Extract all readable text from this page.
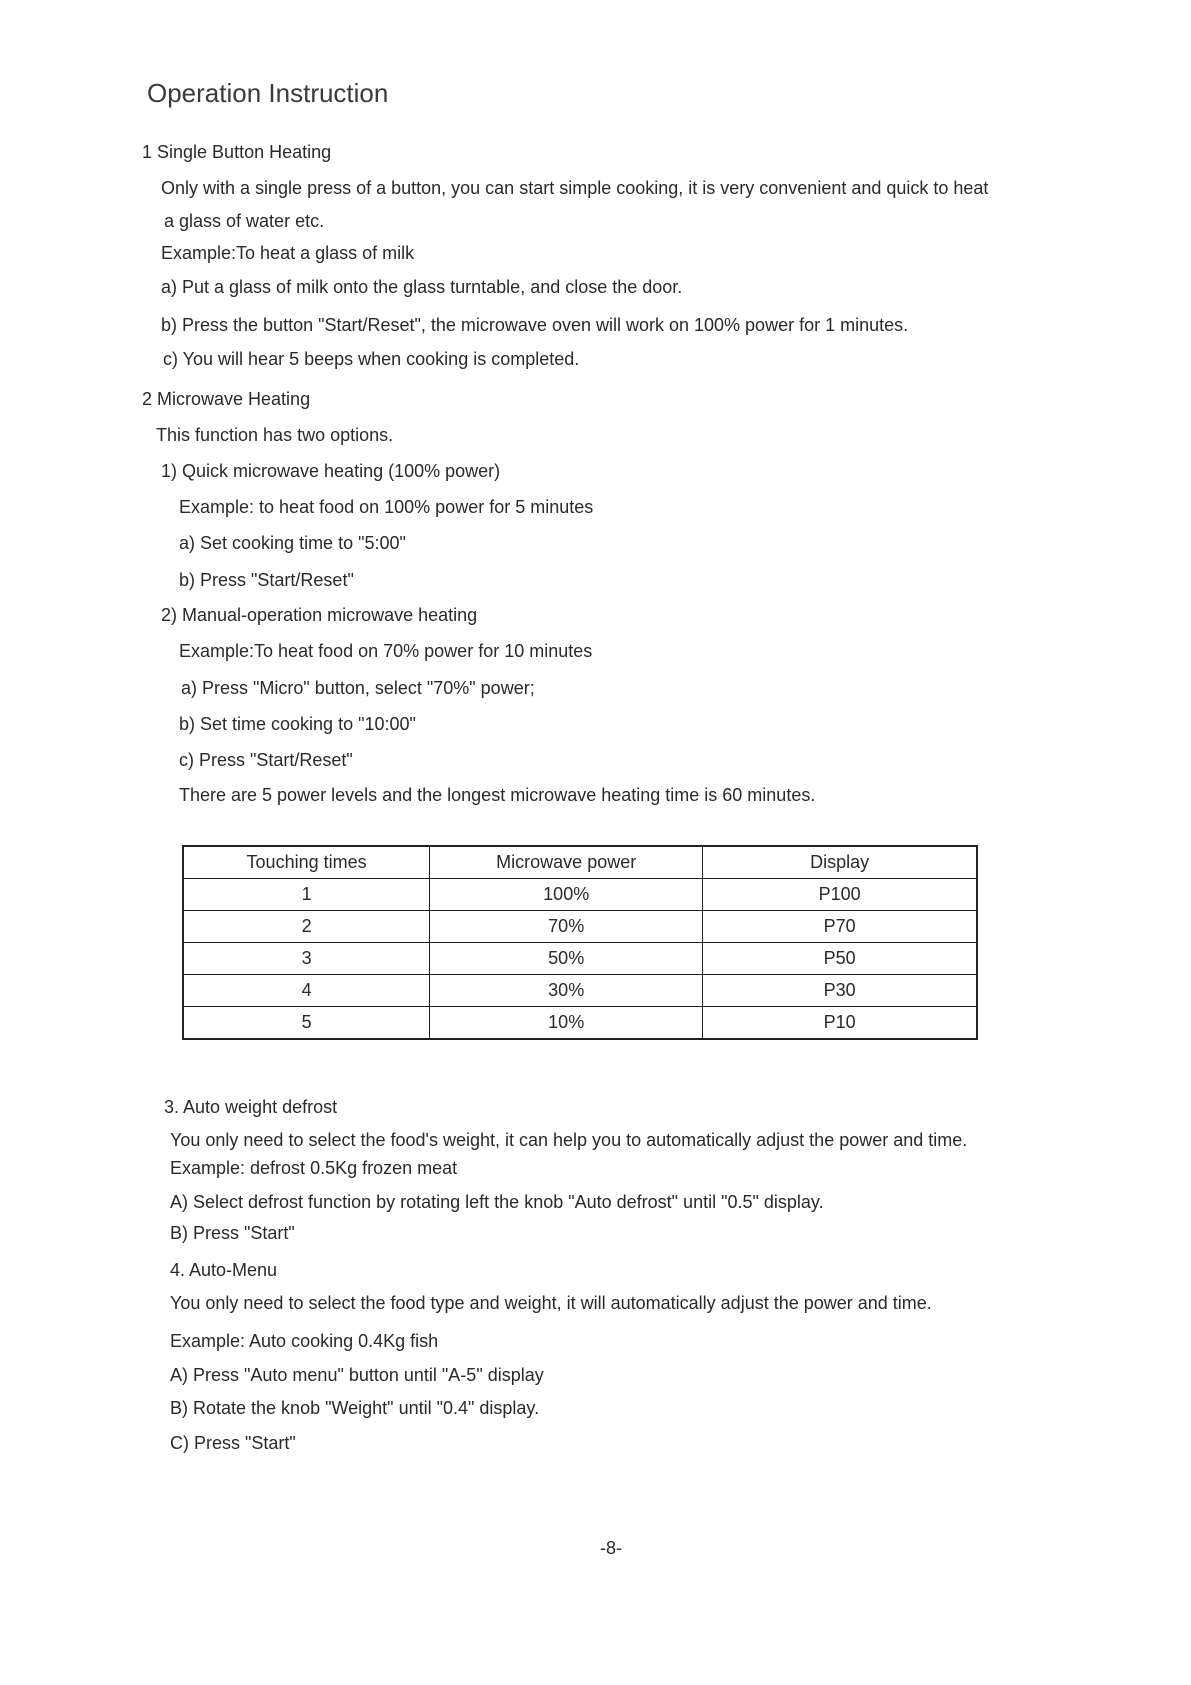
Operation Instruction
1 Single Button Heating
Only with a single press of a button, you can start simple cooking, it is very convenient and quick to heat
a glass of water etc.
Example:To heat a glass of milk
a) Put a glass of milk onto the glass turntable, and close the door.
b) Press the button "Start/Reset", the microwave oven will work on 100% power for 1 minutes.
c) You will hear 5 beeps when cooking is completed.
2 Microwave Heating
This function has two options.
1) Quick microwave heating (100% power)
Example: to heat food on 100% power for 5 minutes
a) Set cooking time to "5:00"
b) Press "Start/Reset"
2) Manual-operation microwave heating
Example:To heat food on 70% power for 10 minutes
a) Press "Micro" button, select "70%" power;
b) Set time cooking to "10:00"
c) Press "Start/Reset"
There are 5 power levels and the longest microwave heating time is 60 minutes.
Touching times	Microwave power	Display
1	100%	P100
2	70%	P70
3	50%	P50
4	30%	P30
5	10%	P10
3. Auto weight defrost
You only need to select the food's weight, it can help you to automatically adjust the power and time.
Example: defrost 0.5Kg frozen meat
A) Select defrost function by rotating left the knob "Auto defrost" until "0.5" display.
B) Press "Start"
4. Auto-Menu
You only need to select the food type and weight, it will automatically adjust the power and time.
Example: Auto cooking 0.4Kg fish
A) Press "Auto menu" button until "A-5" display
B) Rotate the knob "Weight" until "0.4" display.
C) Press "Start"
-8-
